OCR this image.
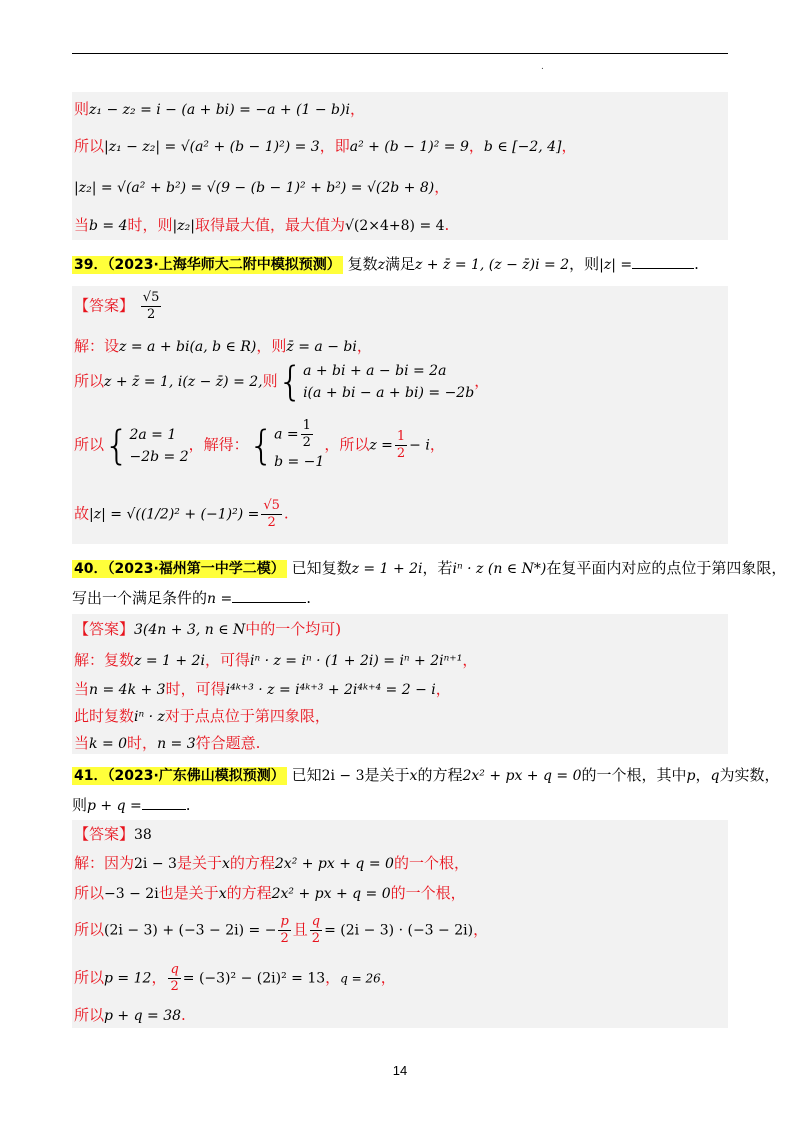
.
则z₁ − z₂ = i − (a + bi) = −a + (1 − b)i，
所以|z₁ − z₂| = √(a² + (b − 1)²) = 3，即a² + (b − 1)² = 9，b ∈ [−2, 4]，
|z₂| = √(a² + b²) = √(9 − (b − 1)² + b²) = √(2b + 8)，
当b = 4时，则|z₂|取得最大值，最大值为√(2×4+8) = 4.
39．（2023·上海华师大二附中模拟预测） 复数z满足z + z̄ = 1, (z − z̄)i = 2，则|z| =	.
【答案】 $\frac{√5}{2}$
解：设z = a + bi(a, b ∈ R)，则z̄ = a − bi，
所以z + z̄ = 1, i(z − z̄) = 2,则{a + bi + a − bi = 2a
i(a + bi − a + bi) = −2b，
所以{2a = 1
−2b = 2，解得：{$a = \frac{1}{2}$

b = −1，所以$z = \frac{1}{2} - i$，
故$|z| = √((1/2)^2 + (-1)^2) = \frac{√5}{2}$ .
40．（2023·福州第一中学二模） 已知复数z = 1 + 2i，若iⁿ · z (n ∈ N*)在复平面内对应的点位于第四象限，
写出一个满足条件的n =	.
【答案】3(4n + 3, n ∈ N中的一个均可)
解：复数z = 1 + 2i，可得iⁿ · z = iⁿ · (1 + 2i) = iⁿ + 2iⁿ⁺¹，
当n = 4k + 3时，可得i⁴ᵏ⁺³ · z = i⁴ᵏ⁺³ + 2i⁴ᵏ⁺⁴ = 2 − i，
此时复数iⁿ · z对于点点位于第四象限，
当k = 0时，n = 3符合题意.
41．（2023·广东佛山模拟预测） 已知2i − 3是关于x的方程2x² + px + q = 0的一个根，其中p，q为实数，
则p + q =	.
【答案】38
解：因为2i − 3是关于x的方程2x² + px + q = 0的一个根，
所以−3 − 2i也是关于x的方程2x² + px + q = 0的一个根，
所以(2i − 3) + (−3 − 2i) = − $\frac{p}{2}$ 且 $\frac{q}{2} = (2i - 3) \cdot (-3 - 2i)$，
所以p = 12， $\frac{q}{2} = (-3)^2 - (2i)^2 = 13$，q = 26，
所以p + q = 38.
14
